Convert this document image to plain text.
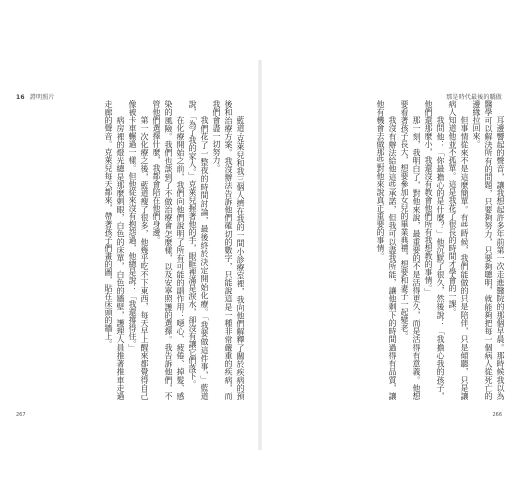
16 證明照片

藍道·克萊兒和我三個人擠在我的一間小診療室裡，我向他們解釋了關於疾病的預後和治療方案。我沒辦法告訴他們確切的數字，只能說這是一種非常嚴重的疾病，而我們會盡一切努力。

我們花了一整夜的時間討論，最後終於決定開始化療。「我要做這件事，」藍道說，「為了我的家人。」克萊兒握著他的手，眼眶裡滿是淚水，卻沒有讓它們落下。

在化療開始之前，我們向他們說明了所有可能的副作用：噁心、疲倦、掉髮、感染的風險。我們也談到了不做治療會怎麼樣，以及安寧照護的選擇。我告訴他們，不管他們選擇什麼，我都會陪在他們身邊。

第一次化療之後，藍道瘦了很多，他幾乎吃不下東西，每天早上醒來都覺得自己像被卡車輾過一樣。但他從來沒有抱怨過，他總是說：「我還撐得住。」

病房裡的燈光總是那麼刺眼，白色的床單，白色的牆壁，護理人員推著推車走過走廊的聲音。克萊兒每天都來，帶著孩子們畫的圖，貼在床頭的牆上。

267
那是時代最後的驕傲

耳邊響起的聲音，讓我想起許多年前第一次走進醫院的那個早晨。那時候我以為醫學可以解決所有的問題，只要夠努力，只要夠聰明，就能夠把每一個病人從死亡的邊緣拉回來。

但事情從來不是這麼簡單。有些時候，我們能做的只是陪伴，只是傾聽，只是讓病人知道他並不孤單。這是我花了很長的時間才學會的一課。

我問他：「你最擔心的是什麼？」他沉默了很久，然後說：「我擔心我的孩子，他們還那麼小，我還沒有教會他們所有我想教的事情。」

那一刻，我明白了，對他來說，最重要的不是活得更久，而是活得有意義。他想要看著孩子長大，想要參加女兒的畢業典禮，想要和妻子一起變老。

我沒有辦法給他這些承諾，但我可以盡我所能，讓他剩下的時間過得有品質，讓他有機會去做那些對他來說真正重要的事情。

266
